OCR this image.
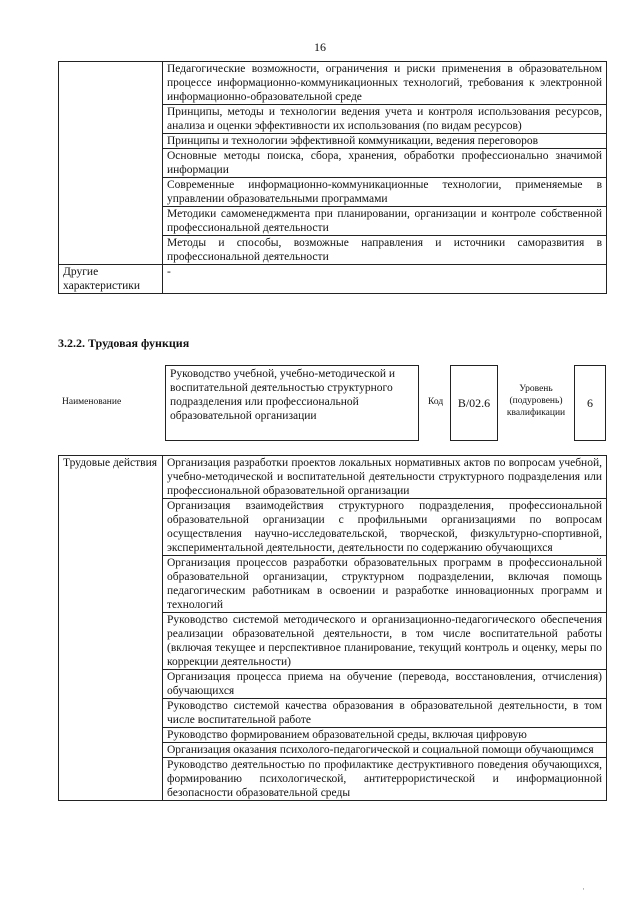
16
	Педагогические возможности, ограничения и риски применения в образовательном процессе информационно-коммуникационных технологий, требования к электронной информационно-образовательной среде
	Принципы, методы и технологии ведения учета и контроля использования ресурсов, анализа и оценки эффективности их использования (по видам ресурсов)
	Принципы и технологии эффективной коммуникации, ведения переговоров
	Основные методы поиска, сбора, хранения, обработки профессионально значимой информации
	Современные информационно-коммуникационные технологии, применяемые в управлении образовательными программами
	Методики самоменеджмента при планировании, организации и контроле собственной профессиональной деятельности
	Методы и способы, возможные направления и источники саморазвития в профессиональной деятельности
Другие характеристики	-
3.2.2. Трудовая функция
Наименование
Руководство учебной, учебно-методической и воспитательной деятельностью структурного подразделения или профессиональной образовательной организации
Код	B/02.6
Уровень (подуровень) квалификации
6
Трудовые действия	Организация разработки проектов локальных нормативных актов по вопросам учебной, учебно-методической и воспитательной деятельности структурного подразделения или профессиональной образовательной организации
Организация взаимодействия структурного подразделения, профессиональной образовательной организации с профильными организациями по вопросам осуществления научно-исследовательской, творческой, физкультурно-спортивной, экспериментальной деятельности, деятельности по содержанию обучающихся
Организация процессов разработки образовательных программ в профессиональной образовательной организации, структурном подразделении, включая помощь педагогическим работникам в освоении и разработке инновационных программ и технологий
Руководство системой методического и организационно-педагогического обеспечения реализации образовательной деятельности, в том числе воспитательной работы (включая текущее и перспективное планирование, текущий контроль и оценку, меры по коррекции деятельности)
Организация процесса приема на обучение (перевода, восстановления, отчисления) обучающихся
Руководство системой качества образования в образовательной деятельности, в том числе воспитательной работе
Руководство формированием образовательной среды, включая цифровую
Организация оказания психолого-педагогической и социальной помощи обучающимся
Руководство деятельностью по профилактике деструктивного поведения обучающихся, формированию психологической, антитеррористической и информационной безопасности образовательной среды
·
